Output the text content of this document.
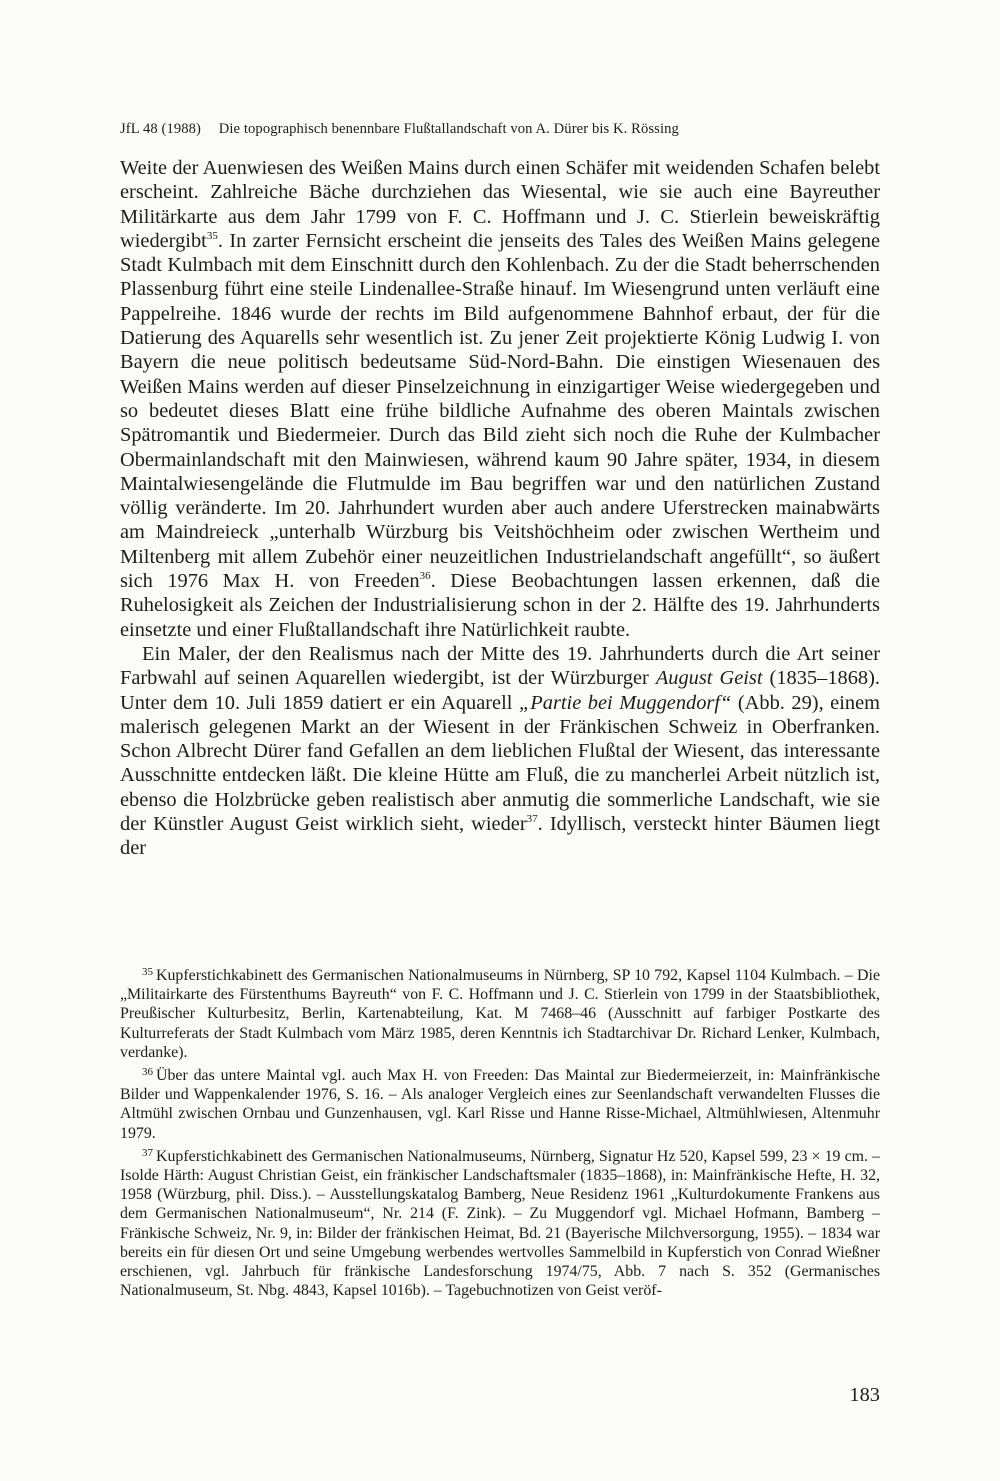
JfL 48 (1988) Die topographisch benennbare Flußtallandschaft von A. Dürer bis K. Rössing

Weite der Auenwiesen des Weißen Mains durch einen Schäfer mit weidenden Schafen belebt erscheint. Zahlreiche Bäche durchziehen das Wiesental, wie sie auch eine Bayreuther Militärkarte aus dem Jahr 1799 von F. C. Hoffmann und J. C. Stierlein beweiskräftig wiedergibt$^{35}$. In zarter Fernsicht erscheint die jenseits des Tales des Weißen Mains gelegene Stadt Kulmbach mit dem Einschnitt durch den Kohlenbach. Zu der die Stadt beherrschenden Plassenburg führt eine steile Lindenallee-Straße hinauf. Im Wiesengrund unten verläuft eine Pappelreihe. 1846 wurde der rechts im Bild aufgenommene Bahnhof erbaut, der für die Datierung des Aquarells sehr wesentlich ist. Zu jener Zeit projektierte König Ludwig I. von Bayern die neue politisch bedeutsame Süd-Nord-Bahn. Die einstigen Wiesenauen des Weißen Mains werden auf dieser Pinselzeichnung in einzigartiger Weise wiedergegeben und so bedeutet dieses Blatt eine frühe bildliche Aufnahme des oberen Maintals zwischen Spätromantik und Biedermeier. Durch das Bild zieht sich noch die Ruhe der Kulmbacher Obermainlandschaft mit den Mainwiesen, während kaum 90 Jahre später, 1934, in diesem Maintalwiesengelände die Flutmulde im Bau begriffen war und den natürlichen Zustand völlig veränderte. Im 20. Jahrhundert wurden aber auch andere Uferstrecken mainabwärts am Maindreieck „unterhalb Würzburg bis Veitshöchheim oder zwischen Wertheim und Miltenberg mit allem Zubehör einer neuzeitlichen Industrielandschaft angefüllt“, so äußert sich 1976 Max H. von Freeden$^{36}$. Diese Beobachtungen lassen erkennen, daß die Ruhelosigkeit als Zeichen der Industrialisierung schon in der 2. Hälfte des 19. Jahrhunderts einsetzte und einer Flußtallandschaft ihre Natürlichkeit raubte.

Ein Maler, der den Realismus nach der Mitte des 19. Jahrhunderts durch die Art seiner Farbwahl auf seinen Aquarellen wiedergibt, ist der Würzburger August Geist (1835–1868). Unter dem 10. Juli 1859 datiert er ein Aquarell „Partie bei Muggendorf“ (Abb. 29), einem malerisch gelegenen Markt an der Wiesent in der Fränkischen Schweiz in Oberfranken. Schon Albrecht Dürer fand Gefallen an dem lieblichen Flußtal der Wiesent, das interessante Ausschnitte entdecken läßt. Die kleine Hütte am Fluß, die zu mancherlei Arbeit nützlich ist, ebenso die Holzbrücke geben realistisch aber anmutig die sommerliche Landschaft, wie sie der Künstler August Geist wirklich sieht, wieder$^{37}$. Idyllisch, versteckt hinter Bäumen liegt der

$^{35}$ Kupferstichkabinett des Germanischen Nationalmuseums in Nürnberg, SP 10 792, Kapsel 1104 Kulmbach. – Die „Militairkarte des Fürstenthums Bayreuth“ von F. C. Hoffmann und J. C. Stierlein von 1799 in der Staatsbibliothek, Preußischer Kulturbesitz, Berlin, Kartenabteilung, Kat. M 7468–46 (Ausschnitt auf farbiger Postkarte des Kulturreferats der Stadt Kulmbach vom März 1985, deren Kenntnis ich Stadtarchivar Dr. Richard Lenker, Kulmbach, verdanke).

$^{36}$ Über das untere Maintal vgl. auch Max H. von Freeden: Das Maintal zur Biedermeierzeit, in: Mainfränkische Bilder und Wappenkalender 1976, S. 16. – Als analoger Vergleich eines zur Seenlandschaft verwandelten Flusses die Altmühl zwischen Ornbau und Gunzenhausen, vgl. Karl Risse und Hanne Risse-Michael, Altmühlwiesen, Altenmuhr 1979.

$^{37}$ Kupferstichkabinett des Germanischen Nationalmuseums, Nürnberg, Signatur Hz 520, Kapsel 599, 23 × 19 cm. – Isolde Härth: August Christian Geist, ein fränkischer Landschaftsmaler (1835–1868), in: Mainfränkische Hefte, H. 32, 1958 (Würzburg, phil. Diss.). – Ausstellungskatalog Bamberg, Neue Residenz 1961 „Kulturdokumente Frankens aus dem Germanischen Nationalmuseum“, Nr. 214 (F. Zink). – Zu Muggendorf vgl. Michael Hofmann, Bamberg – Fränkische Schweiz, Nr. 9, in: Bilder der fränkischen Heimat, Bd. 21 (Bayerische Milchversorgung, 1955). – 1834 war bereits ein für diesen Ort und seine Umgebung werbendes wertvolles Sammelbild in Kupferstich von Conrad Wießner erschienen, vgl. Jahrbuch für fränkische Landesforschung 1974/75, Abb. 7 nach S. 352 (Germanisches Nationalmuseum, St. Nbg. 4843, Kapsel 1016b). – Tagebuchnotizen von Geist veröf-

183
